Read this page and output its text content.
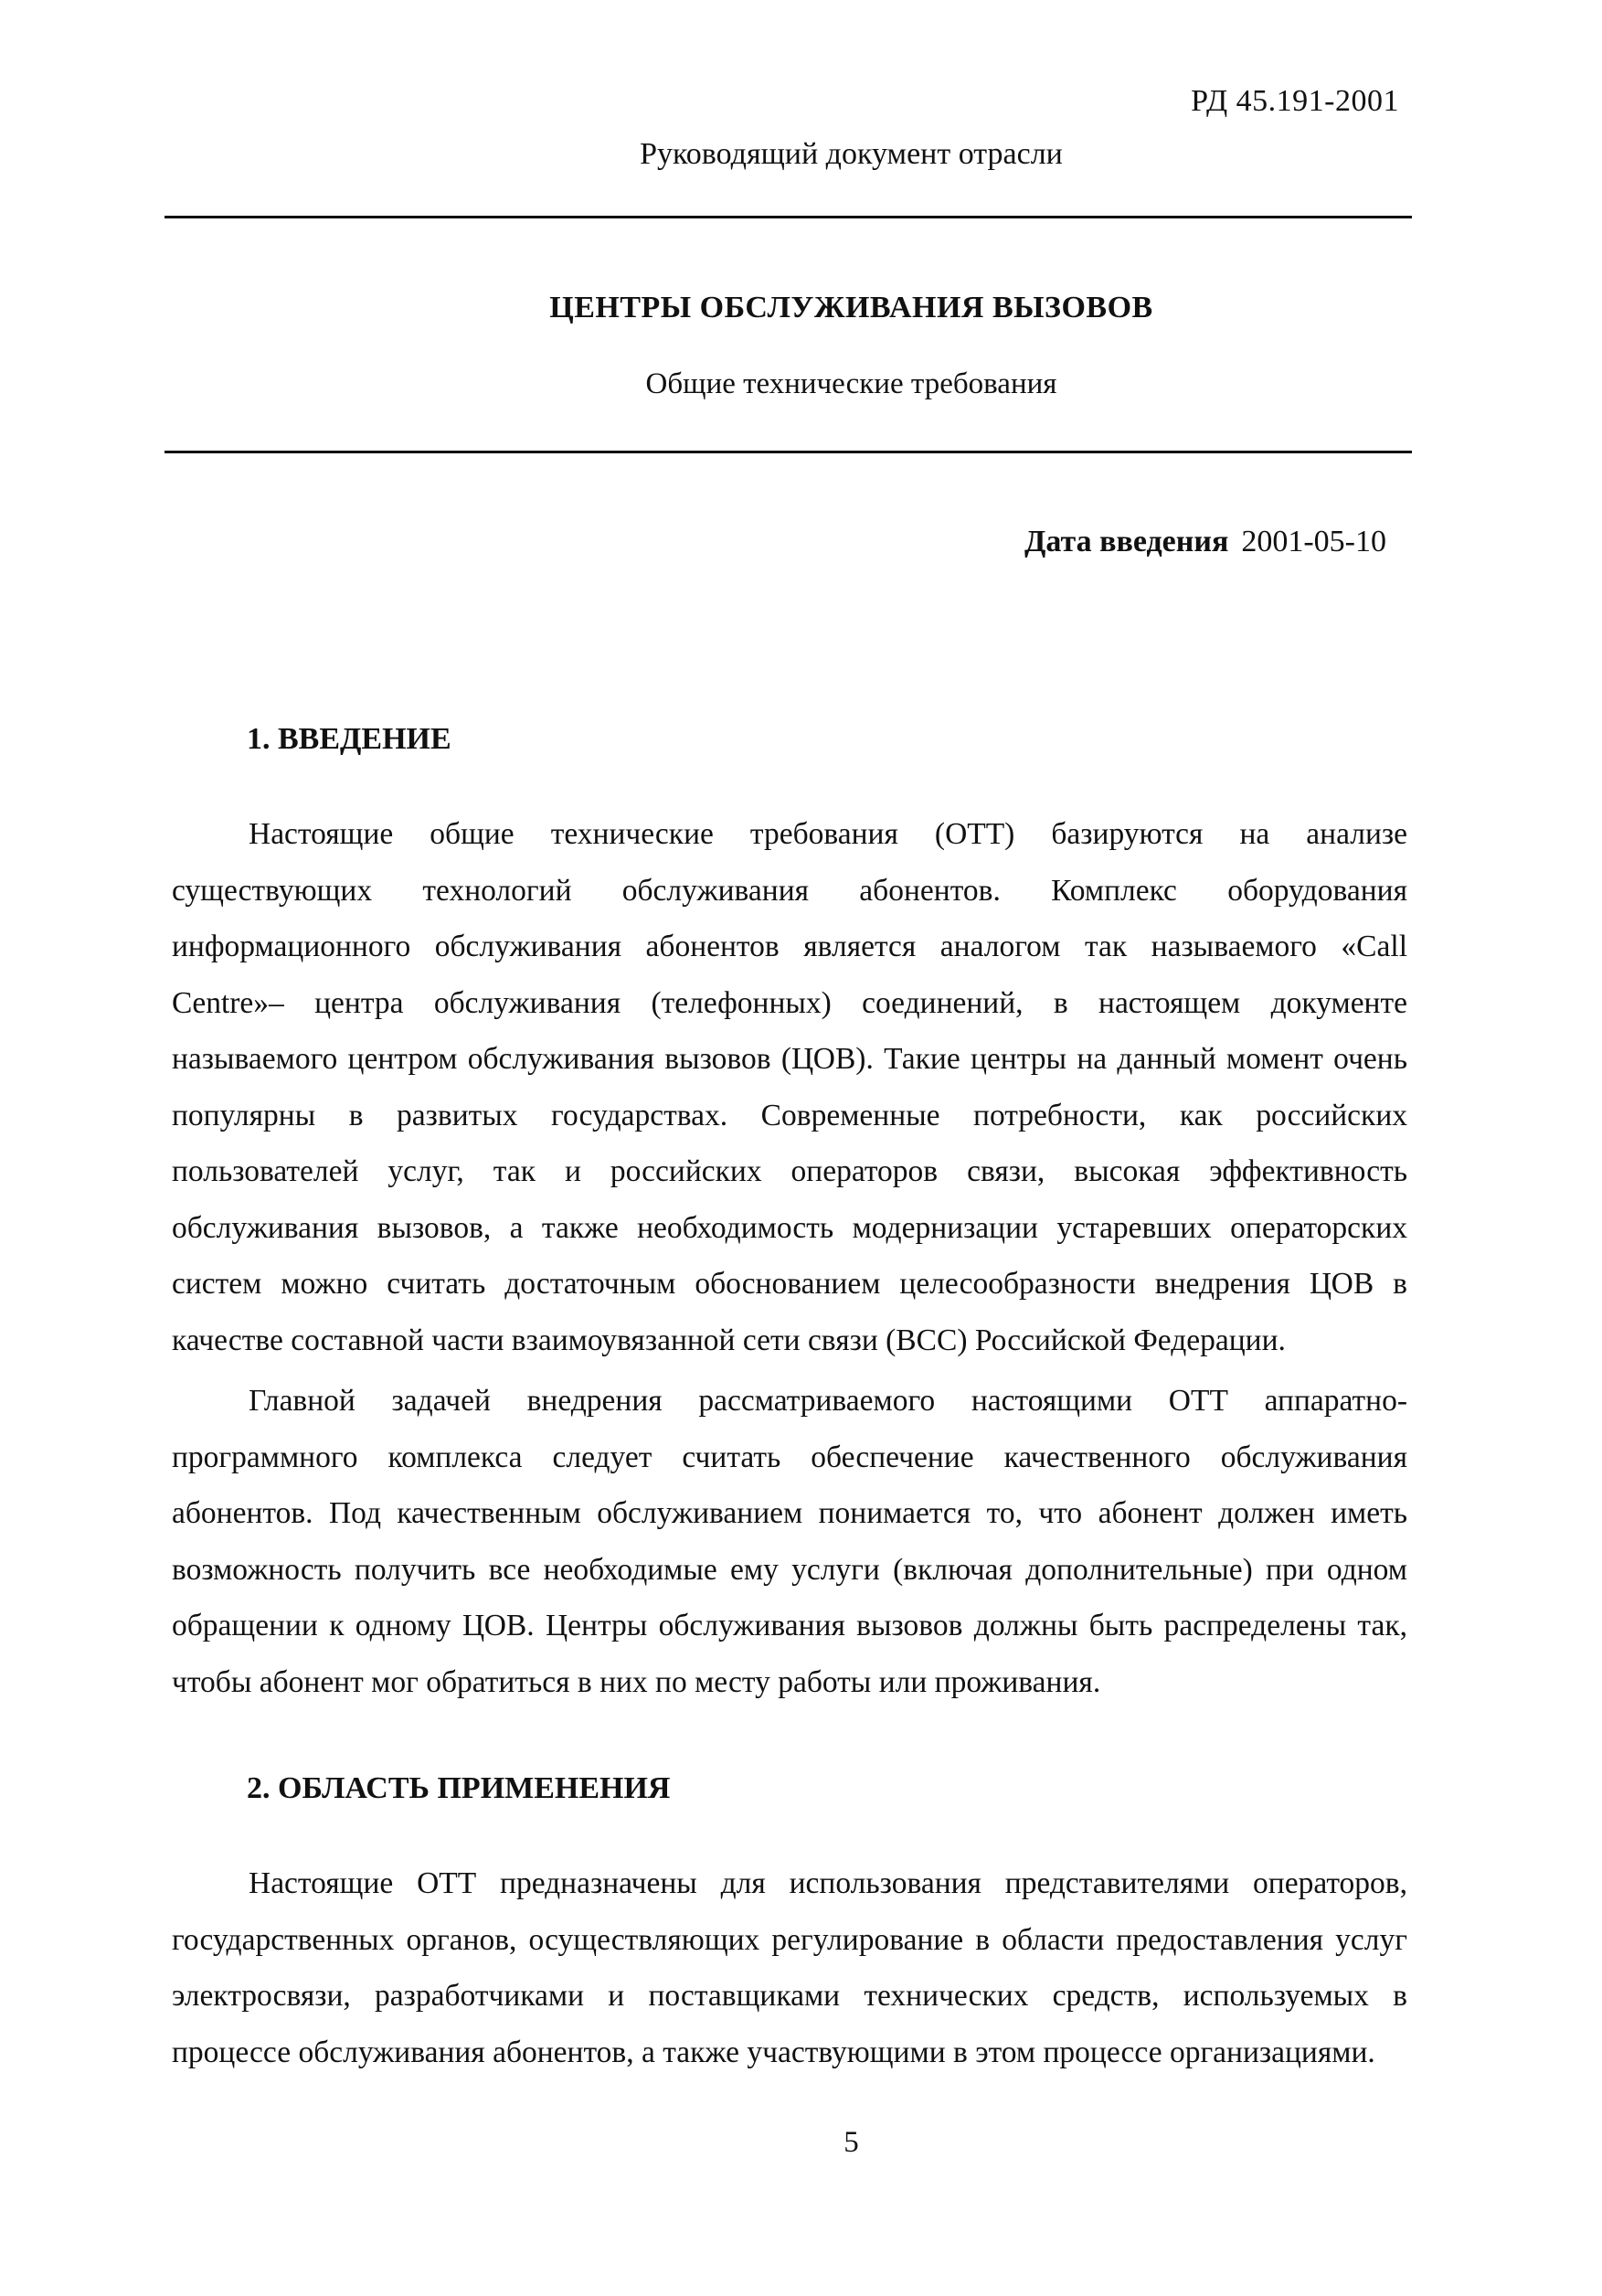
РД 45.191-2001
Руководящий документ отрасли
ЦЕНТРЫ ОБСЛУЖИВАНИЯ ВЫЗОВОВ
Общие технические требования
Дата введения 2001-05-10
1. ВВЕДЕНИЕ

Настоящие общие технические требования (ОТТ) базируются на анализе существующих технологий обслуживания абонентов. Комплекс оборудования информационного обслуживания абонентов является аналогом так называемого «Call Centre»– центра обслуживания (телефонных) соединений, в настоящем документе называемого центром обслуживания вызовов (ЦОВ). Такие центры на данный момент очень популярны в развитых государствах. Современные потребности, как российских пользователей услуг, так и российских операторов связи, высокая эффективность обслуживания вызовов, а также необходимость модернизации устаревших операторских систем можно считать достаточным обоснованием целесообразности внедрения ЦОВ в качестве составной части взаимоувязанной сети связи (ВСС) Российской Федерации.

Главной задачей внедрения рассматриваемого настоящими ОТТ аппаратно-программного комплекса следует считать обеспечение качественного обслуживания абонентов. Под качественным обслуживанием понимается то, что абонент должен иметь возможность получить все необходимые ему услуги (включая дополнительные) при одном обращении к одному ЦОВ. Центры обслуживания вызовов должны быть распределены так, чтобы абонент мог обратиться в них по месту работы или проживания.

2. ОБЛАСТЬ ПРИМЕНЕНИЯ

Настоящие ОТТ предназначены для использования представителями операторов, государственных органов, осуществляющих регулирование в области предоставления услуг электросвязи, разработчиками и поставщиками технических средств, используемых в процессе обслуживания абонентов, а также участвующими в этом процессе организациями.

5
